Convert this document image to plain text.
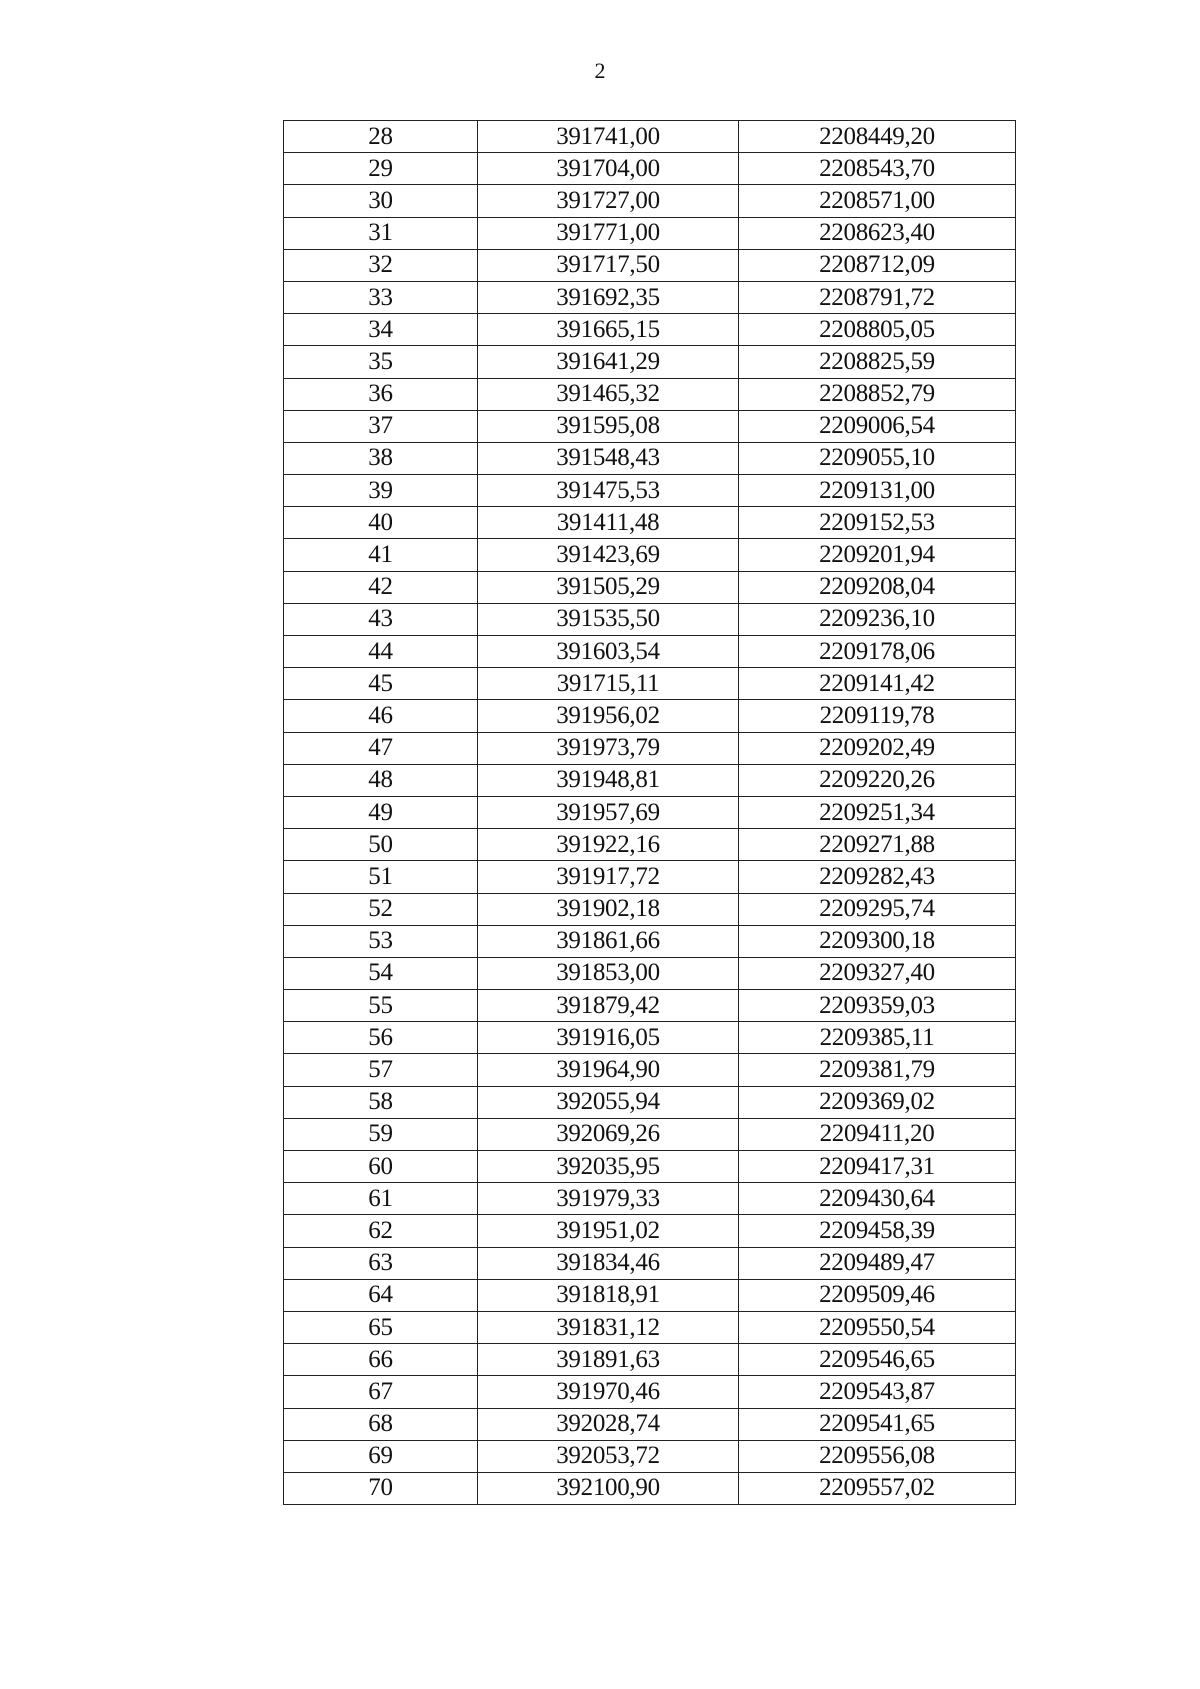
2
28	391741,00	2208449,20
29	391704,00	2208543,70
30	391727,00	2208571,00
31	391771,00	2208623,40
32	391717,50	2208712,09
33	391692,35	2208791,72
34	391665,15	2208805,05
35	391641,29	2208825,59
36	391465,32	2208852,79
37	391595,08	2209006,54
38	391548,43	2209055,10
39	391475,53	2209131,00
40	391411,48	2209152,53
41	391423,69	2209201,94
42	391505,29	2209208,04
43	391535,50	2209236,10
44	391603,54	2209178,06
45	391715,11	2209141,42
46	391956,02	2209119,78
47	391973,79	2209202,49
48	391948,81	2209220,26
49	391957,69	2209251,34
50	391922,16	2209271,88
51	391917,72	2209282,43
52	391902,18	2209295,74
53	391861,66	2209300,18
54	391853,00	2209327,40
55	391879,42	2209359,03
56	391916,05	2209385,11
57	391964,90	2209381,79
58	392055,94	2209369,02
59	392069,26	2209411,20
60	392035,95	2209417,31
61	391979,33	2209430,64
62	391951,02	2209458,39
63	391834,46	2209489,47
64	391818,91	2209509,46
65	391831,12	2209550,54
66	391891,63	2209546,65
67	391970,46	2209543,87
68	392028,74	2209541,65
69	392053,72	2209556,08
70	392100,90	2209557,02
